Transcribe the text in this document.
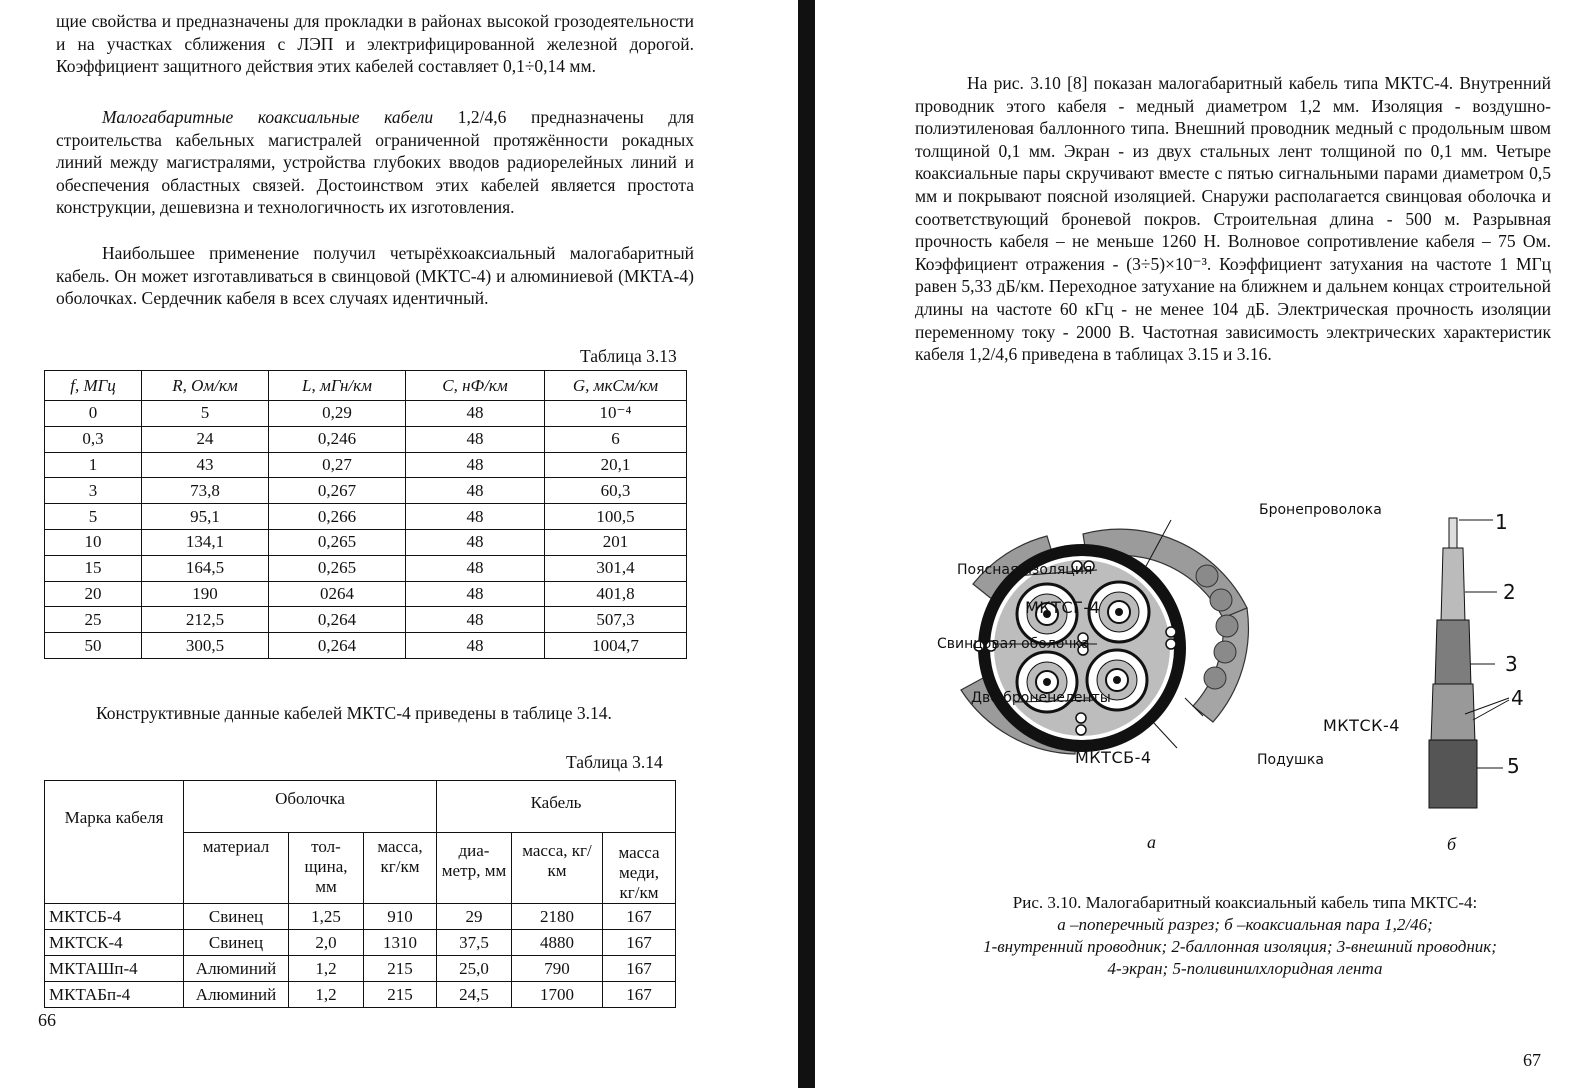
щие свойства и предназначены для прокладки в районах высокой грозодеятельности и на участках сближения с ЛЭП и электрифицированной железной дорогой. Коэффициент защитного действия этих кабелей составляет 0,1÷0,14 мм.

Малогабаритные коаксиальные кабели 1,2/4,6 предназначены для строительства кабельных магистралей ограниченной протяжённости рокадных линий между магистралями, устройства глубоких вводов радиорелейных линий и обеспечения областных связей. Достоинством этих кабелей является простота конструкции, дешевизна и технологичность их изготовления.

Наибольшее применение получил четырёхкоаксиальный малогабаритный кабель. Он может изготавливаться в свинцовой (МКТС-4) и алюминиевой (МКТА-4) оболочках. Сердечник кабеля в всех случаях идентичный.

Таблица 3.13
f, МГц	R, Ом/км	L, мГн/км	C, нФ/км	G, мкСм/км
0	5	0,29	48	10⁻⁴
0,3	24	0,246	48	6
1	43	0,27	48	20,1
3	73,8	0,267	48	60,3
5	95,1	0,266	48	100,5
10	134,1	0,265	48	201
15	164,5	0,265	48	301,4
20	190	0264	48	401,8
25	212,5	0,264	48	507,3
50	300,5	0,264	48	1004,7

Конструктивные данные кабелей МКТС-4 приведены в таблице 3.14.

Таблица 3.14
Марка кабеля	Оболочка			Кабель		
	материал	тол-щина, мм	масса, кг/км	диа-метр, мм	масса, кг/км	масса меди, кг/км
МКТСБ-4	Свинец	1,25	910	29	2180	167
МКТСК-4	Свинец	2,0	1310	37,5	4880	167
МКТАШп-4	Алюминий	1,2	215	25,0	790	167
МКТАБп-4	Алюминий	1,2	215	24,5	1700	167
66

На рис. 3.10 [8] показан малогабаритный кабель типа МКТС-4. Внутренний проводник этого кабеля - медный диаметром 1,2 мм. Изоляция - воздушно-полиэтиленовая баллонного типа. Внешний проводник медный с продольным швом толщиной 0,1 мм. Экран - из двух стальных лент толщиной по 0,1 мм. Четыре коаксиальные пары скручивают вместе с пятью сигнальными парами диаметром 0,5 мм и покрывают поясной изоляцией. Снаружи располагается свинцовая оболочка и соответствующий броневой покров. Строительная длина - 500 м. Разрывная прочность кабеля – не меньше 1260 Н. Волновое сопротивление кабеля – 75 Ом. Коэффициент отражения - (3÷5)×10⁻³. Коэффициент затухания на частоте 1 МГц равен 5,33 дБ/км. Переходное затухание на ближнем и дальнем концах строительной длины на частоте 60 кГц - не менее 104 дБ. Электрическая прочность изоляции переменному току - 2000 В. Частотная зависимость электрических характеристик кабеля 1,2/4,6 приведена в таблицах 3.15 и 3.16.

Бронепроволока
Поясная изоляция
МКТСГ-4
Свинцовая оболочка
Две броненеленты
МКТСК-4
МКТСБ-4	Подушка
1
2
3
4
5
а	б
Рис. 3.10. Малогабаритный коаксиальный кабель типа МКТС-4:
а –поперечный разрез; б –коаксиальная пара 1,2/46;
1-внутренний проводник; 2-баллонная изоляция; 3-внешний проводник;
4-экран; 5-поливинилхлоридная лента
67
